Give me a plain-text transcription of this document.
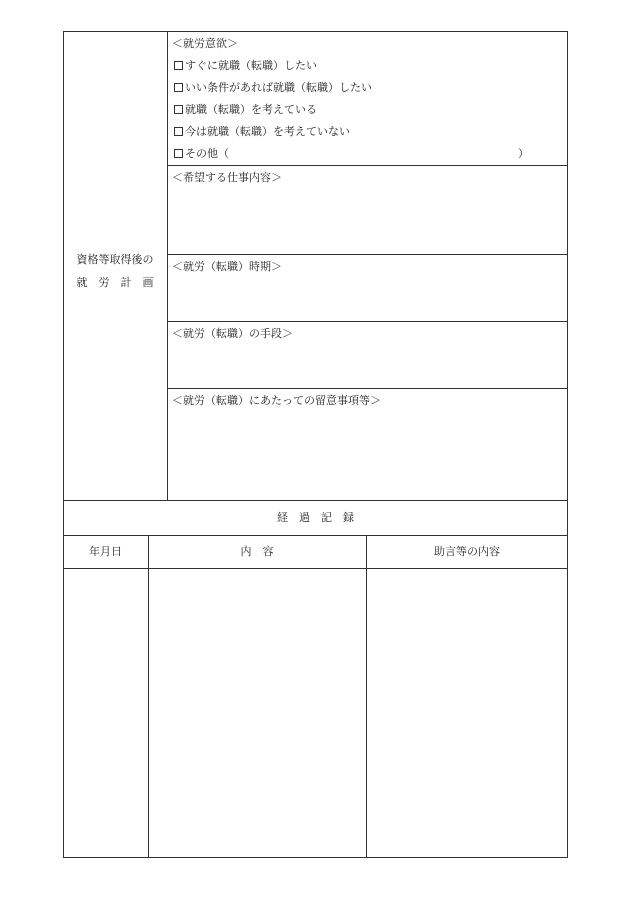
資格等取得後の
就　労　計　画
＜就労意欲＞
すぐに就職（転職）したい
いい条件があれば就職（転職）したい
就職（転職）を考えている
今は就職（転職）を考えていない
その他（	）
＜希望する仕事内容＞
＜就労（転職）時期＞
＜就労（転職）の手段＞
＜就労（転職）にあたっての留意事項等＞
経　過　記　録
年月日	内　容	助言等の内容
